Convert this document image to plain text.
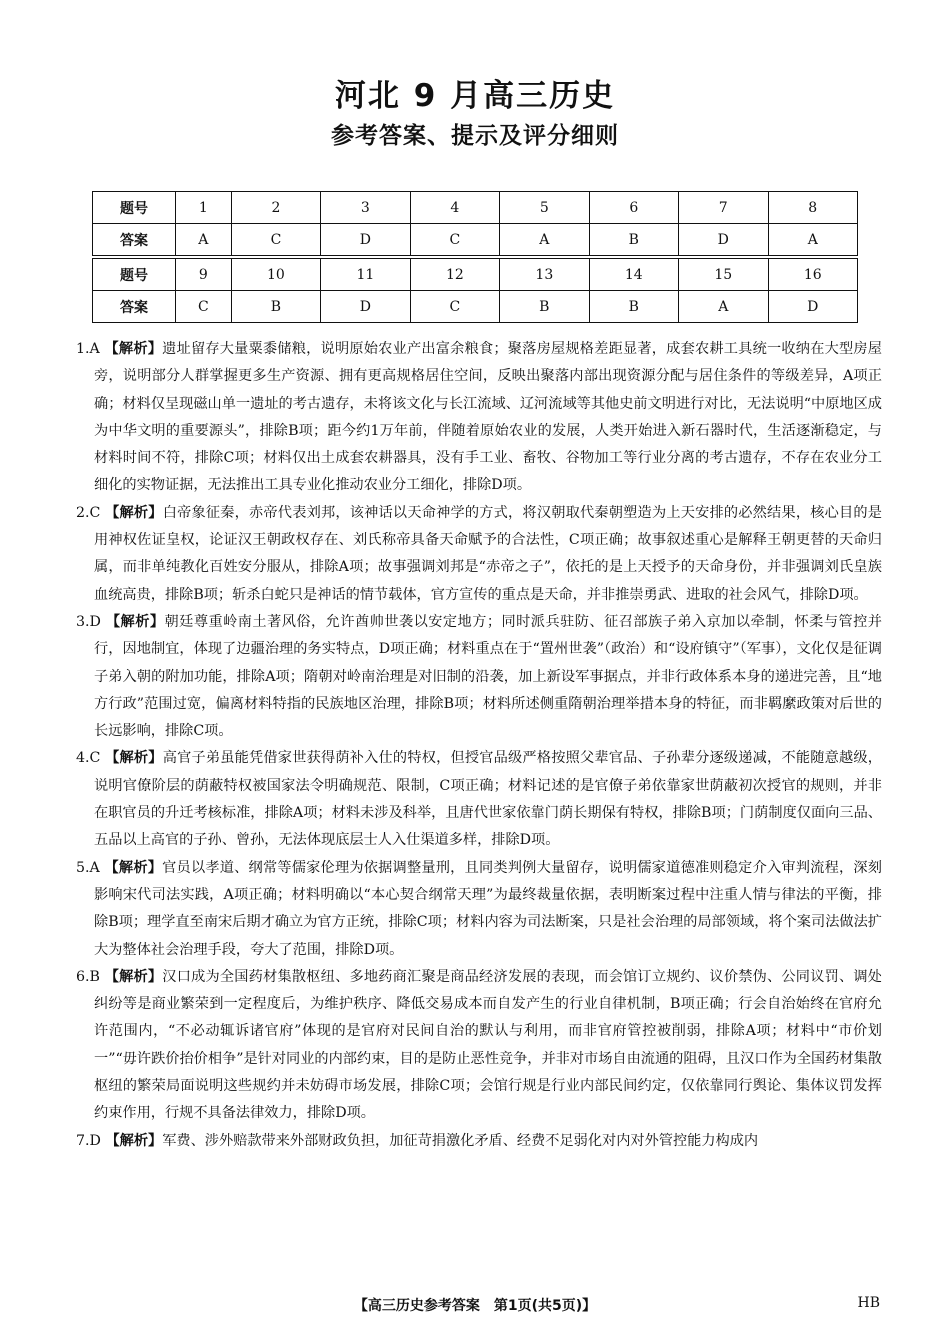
河北 9 月高三历史
参考答案、提示及评分细则
题号	1	2	3	4	5	6	7	8
答案	A	C	D	C	A	B	D	A
题号	9	10	11	12	13	14	15	16
答案	C	B	D	C	B	B	A	D

1.A 【解析】遗址留存大量粟黍储粮，说明原始农业产出富余粮食；聚落房屋规格差距显著，成套农耕工具统一收纳在大型房屋旁，说明部分人群掌握更多生产资源、拥有更高规格居住空间，反映出聚落内部出现资源分配与居住条件的等级差异，A项正确；材料仅呈现磁山单一遗址的考古遗存，未将该文化与长江流域、辽河流域等其他史前文明进行对比，无法说明“中原地区成为中华文明的重要源头”，排除B项；距今约1万年前，伴随着原始农业的发展，人类开始进入新石器时代，生活逐渐稳定，与材料时间不符，排除C项；材料仅出土成套农耕器具，没有手工业、畜牧、谷物加工等行业分离的考古遗存，不存在农业分工细化的实物证据，无法推出工具专业化推动农业分工细化，排除D项。

2.C 【解析】白帝象征秦，赤帝代表刘邦，该神话以天命神学的方式，将汉朝取代秦朝塑造为上天安排的必然结果，核心目的是用神权佐证皇权，论证汉王朝政权存在、刘氏称帝具备天命赋予的合法性，C项正确；故事叙述重心是解释王朝更替的天命归属，而非单纯教化百姓安分服从，排除A项；故事强调刘邦是“赤帝之子”，依托的是上天授予的天命身份，并非强调刘氏皇族血统高贵，排除B项；斩杀白蛇只是神话的情节载体，官方宣传的重点是天命，并非推崇勇武、进取的社会风气，排除D项。

3.D 【解析】朝廷尊重岭南土著风俗，允许酋帅世袭以安定地方；同时派兵驻防、征召部族子弟入京加以牵制，怀柔与管控并行，因地制宜，体现了边疆治理的务实特点，D项正确；材料重点在于“置州世袭”（政治）和“设府镇守”（军事），文化仅是征调子弟入朝的附加功能，排除A项；隋朝对岭南治理是对旧制的沿袭，加上新设军事据点，并非行政体系本身的递进完善，且“地方行政”范围过宽，偏离材料特指的民族地区治理，排除B项；材料所述侧重隋朝治理举措本身的特征，而非羁縻政策对后世的长远影响，排除C项。

4.C 【解析】高官子弟虽能凭借家世获得荫补入仕的特权，但授官品级严格按照父辈官品、子孙辈分逐级递减，不能随意越级，说明官僚阶层的荫蔽特权被国家法令明确规范、限制，C项正确；材料记述的是官僚子弟依靠家世荫蔽初次授官的规则，并非在职官员的升迁考核标准，排除A项；材料未涉及科举，且唐代世家依靠门荫长期保有特权，排除B项；门荫制度仅面向三品、五品以上高官的子孙、曾孙，无法体现底层士人入仕渠道多样，排除D项。

5.A 【解析】官员以孝道、纲常等儒家伦理为依据调整量刑，且同类判例大量留存，说明儒家道德准则稳定介入审判流程，深刻影响宋代司法实践，A项正确；材料明确以“本心契合纲常天理”为最终裁量依据，表明断案过程中注重人情与律法的平衡，排除B项；理学直至南宋后期才确立为官方正统，排除C项；材料内容为司法断案，只是社会治理的局部领域，将个案司法做法扩大为整体社会治理手段，夸大了范围，排除D项。

6.B 【解析】汉口成为全国药材集散枢纽、多地药商汇聚是商品经济发展的表现，而会馆订立规约、议价禁伪、公同议罚、调处纠纷等是商业繁荣到一定程度后，为维护秩序、降低交易成本而自发产生的行业自律机制，B项正确；行会自治始终在官府允许范围内，“不必动辄诉诸官府”体现的是官府对民间自治的默认与利用，而非官府管控被削弱，排除A项；材料中“市价划一”“毋许跌价抬价相争”是针对同业的内部约束，目的是防止恶性竞争，并非对市场自由流通的阻碍，且汉口作为全国药材集散枢纽的繁荣局面说明这些规约并未妨碍市场发展，排除C项；会馆行规是行业内部民间约定，仅依靠同行舆论、集体议罚发挥约束作用，行规不具备法律效力，排除D项。

7.D 【解析】军费、涉外赔款带来外部财政负担，加征苛捐激化矛盾、经费不足弱化对内对外管控能力构成内

【高三历史参考答案　第1页(共5页)】	HB
